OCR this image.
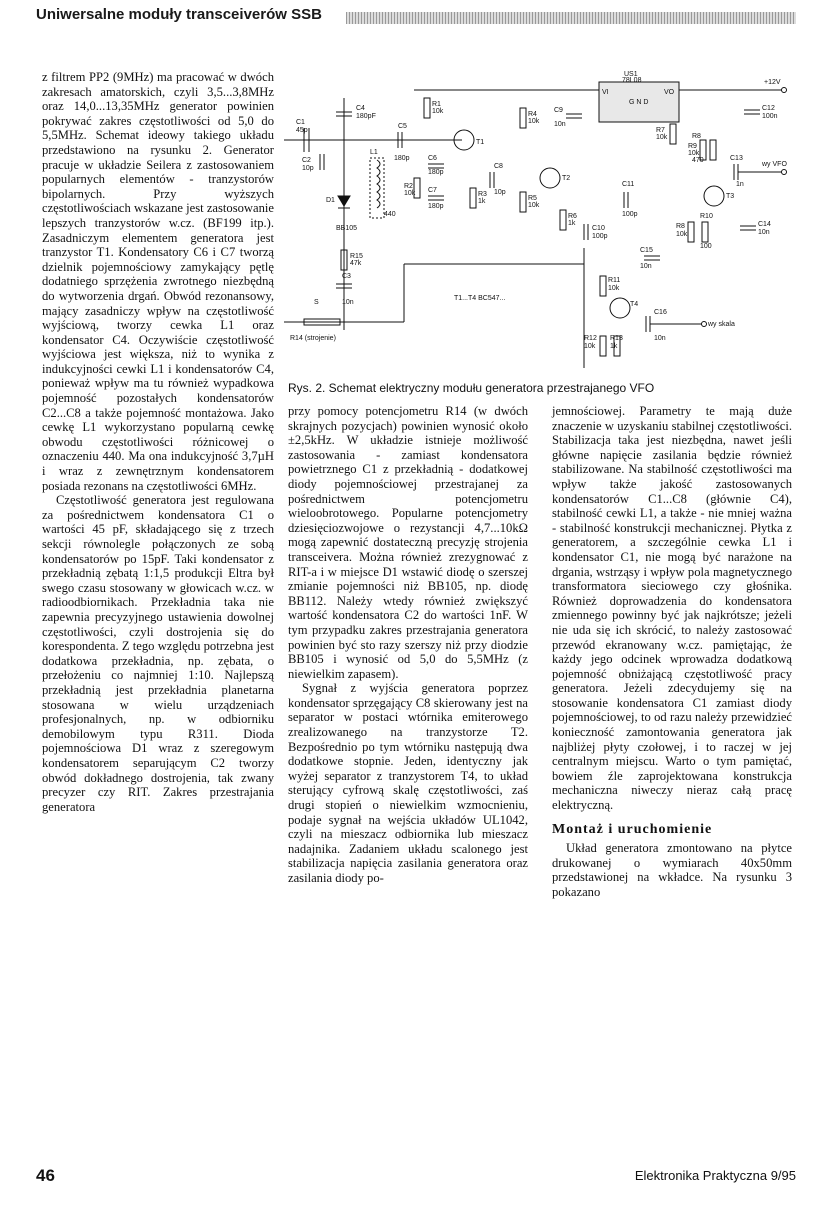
Uniwersalne moduły transceiverów SSB

z filtrem PP2 (9MHz) ma pracować w dwóch zakresach amatorskich, czyli 3,5...3,8MHz oraz 14,0...13,35MHz generator powinien pokrywać zakres częstotliwości od 5,0 do 5,5MHz. Schemat ideowy takiego układu przedstawiono na rysunku 2. Generator pracuje w układzie Seilera z zastosowaniem popularnych elementów - tranzystorów bipolarnych. Przy wyższych częstotliwościach wskazane jest zastosowanie lepszych tranzystorów w.cz. (BF199 itp.). Zasadniczym elementem generatora jest tranzystor T1. Kondensatory C6 i C7 tworzą dzielnik pojemnościowy zamykający pętlę dodatniego sprzężenia zwrotnego niezbędną do wytworzenia drgań. Obwód rezonansowy, mający zasadniczy wpływ na częstotliwość wyjściową, tworzy cewka L1 oraz kondensator C4. Oczywiście częstotliwość wyjściowa jest większa, niż to wynika z indukcyjności cewki L1 i kondensatorów C4, ponieważ wpływ ma tu również wypadkowa pojemność pozostałych kondensatorów C2...C8 a także pojemność montażowa. Jako cewkę L1 wykorzystano popularną cewkę obwodu częstotliwości różnicowej o oznaczeniu 440. Ma ona indukcyjność 3,7µH i wraz z zewnętrznym kondensatorem posiada rezonans na częstotliwości 6MHz.

Częstotliwość generatora jest regulowana za pośrednictwem kondensatora C1 o wartości 45 pF, składającego się z trzech sekcji równolegle połączonych ze sobą kondensatorów po 15pF. Taki kondensator z przekładnią zębatą 1:1,5 produkcji Eltra był swego czasu stosowany w głowicach w.cz. w radioodbiornikach. Przekładnia taka nie zapewnia precyzyjnego ustawienia dowolnej częstotliwości, czyli dostrojenia się do korespondenta. Z tego względu potrzebna jest dodatkowa przekładnia, np. zębata, o przełożeniu co najmniej 1:10. Najlepszą przekładnią jest przekładnia planetarna stosowana w wielu urządzeniach profesjonalnych, np. w odbiorniku demobilowym typu R311. Dioda pojemnościowa D1 wraz z szeregowym kondensatorem separującym C2 tworzy obwód dokładnego dostrojenia, tak zwany precyzer czy RIT. Zakres przestrajania generatora

US1
78L08
VI	VO
G N D
+12V
C1
45p
C4
180pF
C2
10p
D1
BB105
L1
440
C5
180p
R1
10k
R2
10k
C6
180p
C7
180p
T1
R3
1k
C8
10p
R4
10k
R5
10k
C9
10n
T2
R6
1k
C10
100p
C11
100p
R7
10k
R9
10k
R8
470
R8
10k
R10
100
C12
100n
C13
1n
wy VFO
C14
10n
T3
R15
47k
C3
S	10n
R14 (strojenie)
T1...T4 BC547...
C15
10n
R11
10k
T4
C16
10n
wy skala
R12
10k
R13
1k
Rys. 2. Schemat elektryczny modułu generatora przestrajanego VFO

przy pomocy potencjometru R14 (w dwóch skrajnych pozycjach) powinien wynosić około ±2,5kHz. W układzie istnieje możliwość zastosowania - zamiast kondensatora powietrznego C1 z przekładnią - dodatkowej diody pojemnościowej przestrajanej za pośrednictwem potencjometru wieloobrotowego. Popularne potencjometry dziesięciozwojowe o rezystancji 4,7...10kΩ mogą zapewnić dostateczną precyzję strojenia transceivera. Można również zrezygnować z RIT-a i w miejsce D1 wstawić diodę o szerszej zmianie pojemności niż BB105, np. diodę BB112. Należy wtedy również zwiększyć wartość kondensatora C2 do wartości 1nF. W tym przypadku zakres przestrajania generatora powinien być sto razy szerszy niż przy diodzie BB105 i wynosić od 5,0 do 5,5MHz (z niewielkim zapasem).

Sygnał z wyjścia generatora poprzez kondensator sprzęgający C8 skierowany jest na separator w postaci wtórnika emiterowego zrealizowanego na tranzystorze T2. Bezpośrednio po tym wtórniku następują dwa dodatkowe stopnie. Jeden, identyczny jak wyżej separator z tranzystorem T4, to układ sterujący cyfrową skalę częstotliwości, zaś drugi stopień o niewielkim wzmocnieniu, podaje sygnał na wejścia układów UL1042, czyli na mieszacz odbiornika lub mieszacz nadajnika. Zadaniem układu scalonego jest stabilizacja napięcia zasilania generatora oraz zasilania diody po-

jemnościowej. Parametry te mają duże znaczenie w uzyskaniu stabilnej częstotliwości. Stabilizacja taka jest niezbędna, nawet jeśli główne napięcie zasilania będzie również stabilizowane. Na stabilność częstotliwości ma wpływ także jakość zastosowanych kondensatorów C1...C8 (głównie C4), stabilność cewki L1, a także - nie mniej ważna - stabilność konstrukcji mechanicznej. Płytka z generatorem, a szczególnie cewka L1 i kondensator C1, nie mogą być narażone na drgania, wstrząsy i wpływ pola magnetycznego transformatora sieciowego czy głośnika. Również doprowadzenia do kondensatora zmiennego powinny być jak najkrótsze; jeżeli nie uda się ich skrócić, to należy zastosować przewód ekranowany w.cz. pamiętając, że każdy jego odcinek wprowadza dodatkową pojemność obniżającą częstotliwość pracy generatora. Jeżeli zdecydujemy się na stosowanie kondensatora C1 zamiast diody pojemnościowej, to od razu należy przewidzieć konieczność zamontowania generatora jak najbliżej płyty czołowej, i to raczej w jej centralnym miejscu. Warto o tym pamiętać, bowiem źle zaprojektowana konstrukcja mechaniczna niweczy nieraz całą pracę elektryczną.

Montaż i uruchomienie

Układ generatora zmontowano na płytce drukowanej o wymiarach 40x50mm przedstawionej na wkładce. Na rysunku 3 pokazano

46	Elektronika Praktyczna 9/95
